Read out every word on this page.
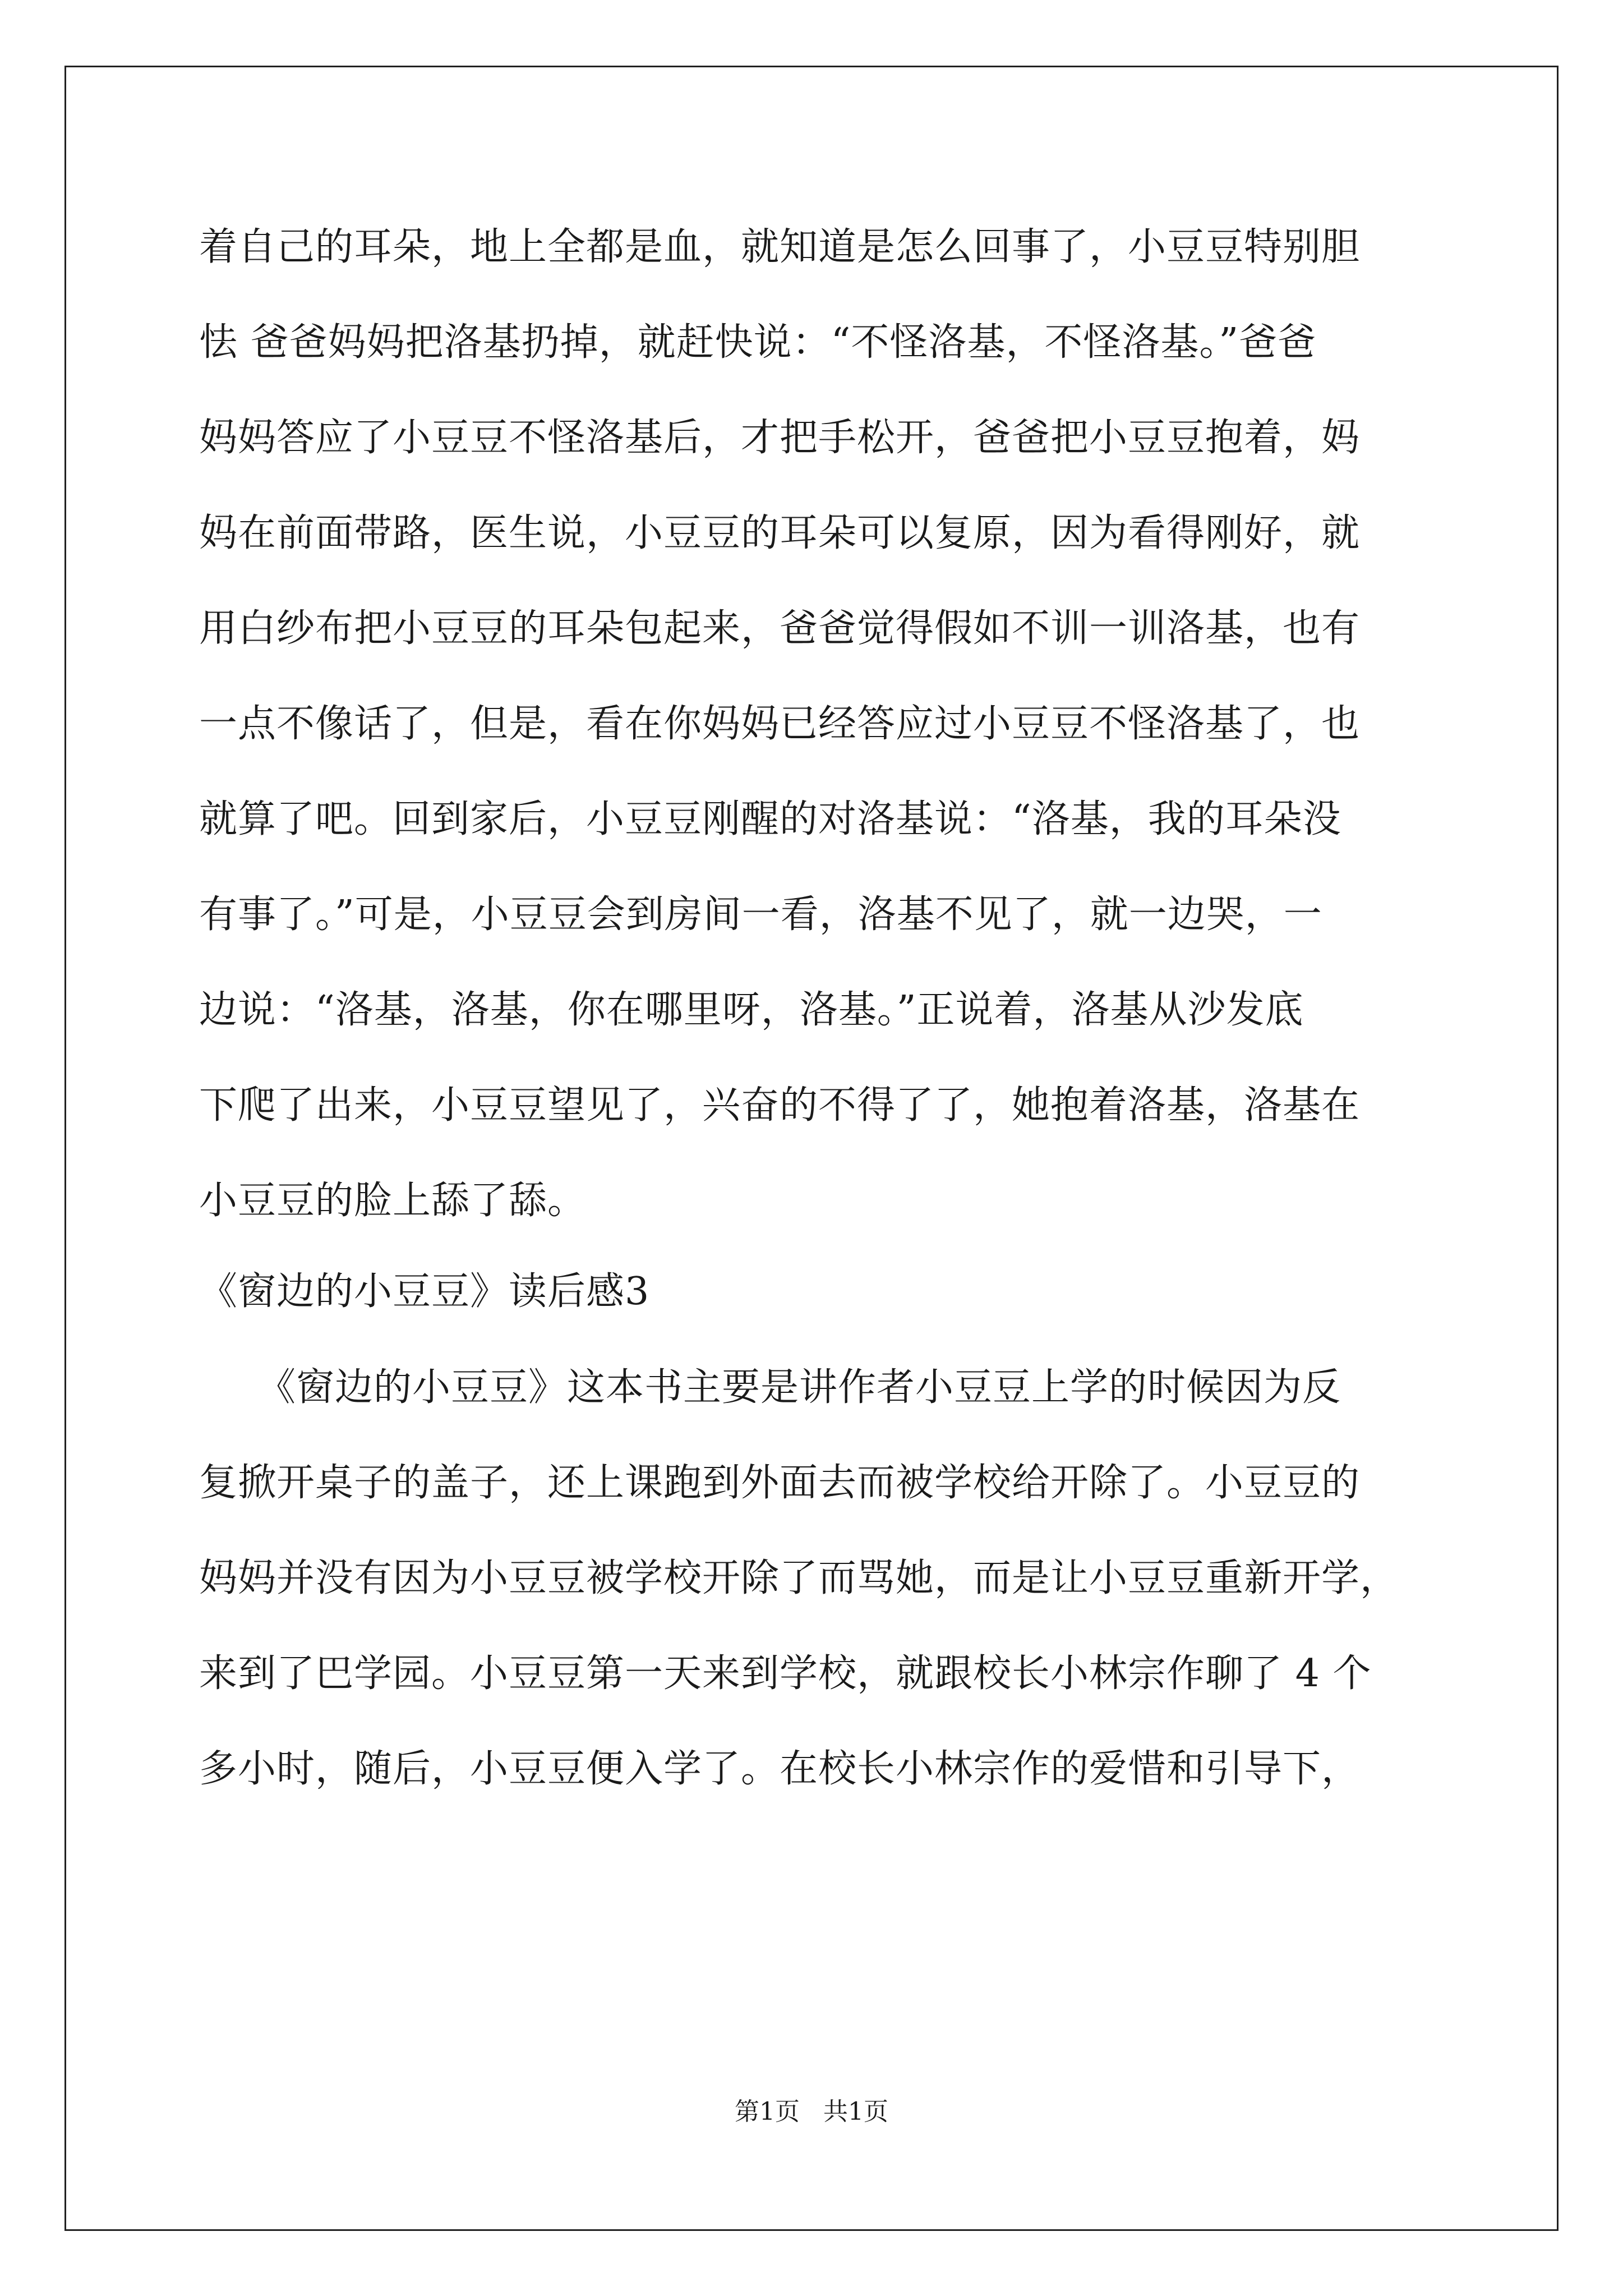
着自己的耳朵，地上全都是血，就知道是怎么回事了，小豆豆特别胆
怯 爸爸妈妈把洛基扔掉，就赶快说：“不怪洛基，不怪洛基。”爸爸
妈妈答应了小豆豆不怪洛基后，才把手松开，爸爸把小豆豆抱着，妈
妈在前面带路，医生说，小豆豆的耳朵可以复原，因为看得刚好，就
用白纱布把小豆豆的耳朵包起来，爸爸觉得假如不训一训洛基，也有
一点不像话了，但是，看在你妈妈已经答应过小豆豆不怪洛基了，也
就算了吧。回到家后，小豆豆刚醒的对洛基说：“洛基，我的耳朵没
有事了。”可是，小豆豆会到房间一看，洛基不见了，就一边哭，一
边说：“洛基，洛基，你在哪里呀，洛基。”正说着，洛基从沙发底
下爬了出来，小豆豆望见了，兴奋的不得了了，她抱着洛基，洛基在
小豆豆的脸上舔了舔。
《窗边的小豆豆》读后感3
　　《窗边的小豆豆》这本书主要是讲作者小豆豆上学的时候因为反
复掀开桌子的盖子，还上课跑到外面去而被学校给开除了。小豆豆的
妈妈并没有因为小豆豆被学校开除了而骂她，而是让小豆豆重新开学，
来到了巴学园。小豆豆第一天来到学校，就跟校长小林宗作聊了 4 个
多小时，随后，小豆豆便入学了。在校长小林宗作的爱惜和引导下，
第1页   共1页
